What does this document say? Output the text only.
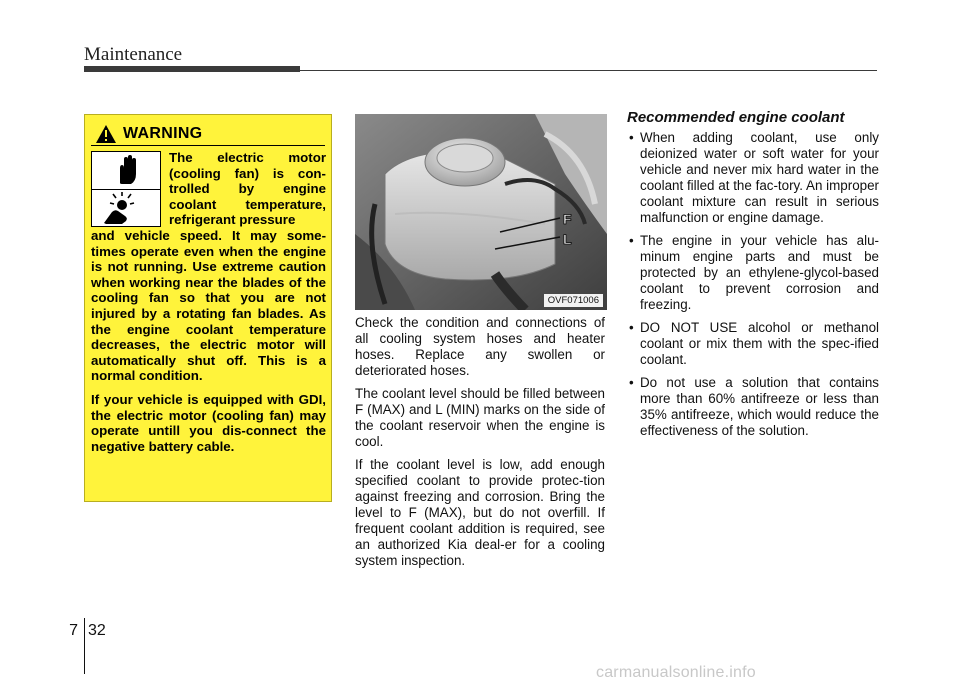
Maintenance
WARNING
The electric motor (cooling fan) is con-trolled by engine coolant temperature, refrigerant pressure

and vehicle speed. It may some-times operate even when the engine is not running. Use extreme caution when working near the blades of the cooling fan so that you are not injured by a rotating fan blades. As the engine coolant temperature decreases, the electric motor will automatically shut off. This is a normal condition.

If your vehicle is equipped with GDI, the electric motor (cooling fan) may operate untill you dis-connect the negative battery cable.

F
L
OVF071006

Check the condition and connections of all cooling system hoses and heater hoses. Replace any swollen or deteriorated hoses.

The coolant level should be filled between F (MAX) and L (MIN) marks on the side of the coolant reservoir when the engine is cool.

If the coolant level is low, add enough specified coolant to provide protec-tion against freezing and corrosion. Bring the level to F (MAX), but do not overfill. If frequent coolant addition is required, see an authorized Kia deal-er for a cooling system inspection.

Recommended engine coolant
• When adding coolant, use only deionized water or soft water for your vehicle and never mix hard water in the coolant filled at the fac-tory. An improper coolant mixture can result in serious malfunction or engine damage.
• The engine in your vehicle has alu-minum engine parts and must be protected by an ethylene-glycol-based coolant to prevent corrosion and freezing.
• DO NOT USE alcohol or methanol coolant or mix them with the spec-ified coolant.
• Do not use a solution that contains more than 60% antifreeze or less than 35% antifreeze, which would reduce the effectiveness of the solution.
7 32
carmanualsonline.info
